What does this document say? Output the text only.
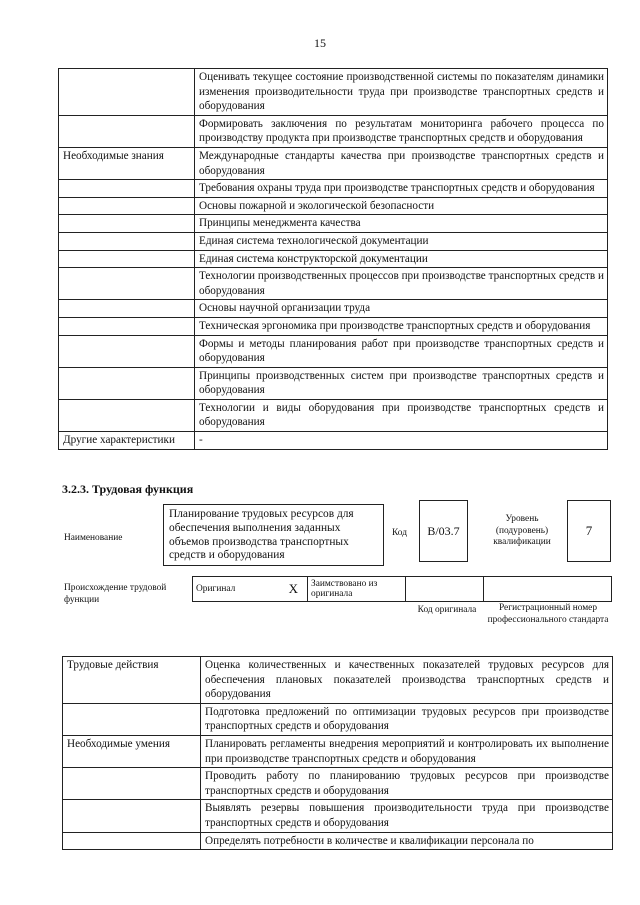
15
	Оценивать текущее состояние производственной системы по показателям динамики изменения производительности труда при производстве транспортных средств и оборудования
	Формировать заключения по результатам мониторинга рабочего процесса по производству продукта при производстве транспортных средств и оборудования
Необходимые знания	Международные стандарты качества при производстве транспортных средств и оборудования
	Требования охраны труда при производстве транспортных средств и оборудования
	Основы пожарной и экологической безопасности
	Принципы менеджмента качества
	Единая система технологической документации
	Единая система конструкторской документации
	Технологии производственных процессов при производстве транспортных средств и оборудования
	Основы научной организации труда
	Техническая эргономика при производстве транспортных средств и оборудования
	Формы и методы планирования работ при производстве транспортных средств и оборудования
	Принципы производственных систем при производстве транспортных средств и оборудования
	Технологии и виды оборудования при производстве транспортных средств и оборудования
Другие характеристики	-
3.2.3. Трудовая функция
Наименование
Планирование трудовых ресурсов для обеспечения выполнения заданных объемов производства транспортных средств и оборудования
Код	B/03.7
Уровень (подуровень) квалификации
7
Происхождение трудовой функции
Оригинал	X	Заимствовано из оригинала		
Код оригинала	Регистрационный номер профессионального стандарта
Трудовые действия	Оценка количественных и качественных показателей трудовых ресурсов для обеспечения плановых показателей производства транспортных средств и оборудования
	Подготовка предложений по оптимизации трудовых ресурсов при производстве транспортных средств и оборудования
Необходимые умения	Планировать регламенты внедрения мероприятий и контролировать их выполнение при производстве транспортных средств и оборудования
	Проводить работу по планированию трудовых ресурсов при производстве транспортных средств и оборудования
	Выявлять резервы повышения производительности труда при производстве транспортных средств и оборудования
	Определять потребности в количестве и квалификации персонала по
